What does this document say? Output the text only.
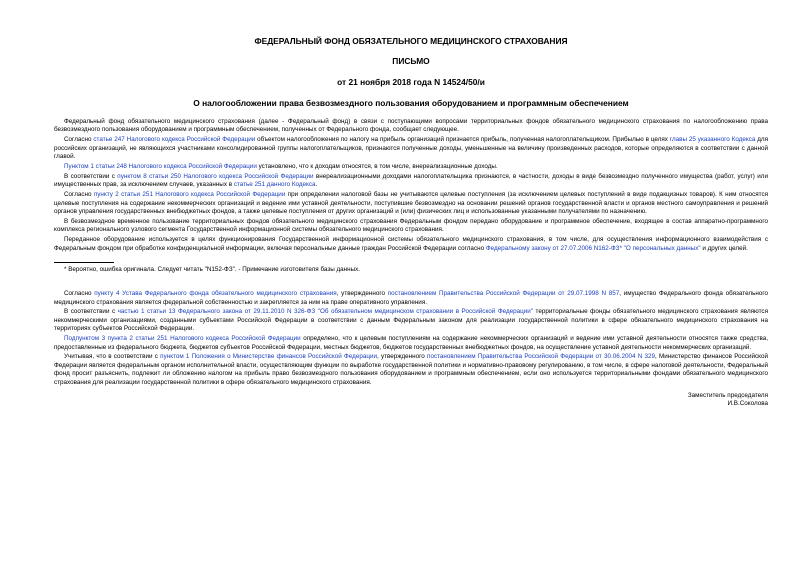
ФЕДЕРАЛЬНЫЙ ФОНД ОБЯЗАТЕЛЬНОГО МЕДИЦИНСКОГО СТРАХОВАНИЯ
ПИСЬМО
от 21 ноября 2018 года N 14524/50/и
О налогообложении права безвозмездного пользования оборудованием и программным обеспечением

Федеральный фонд обязательного медицинского страхования (далее - Федеральный фонд) в связи с поступающими вопросами территориальных фондов обязательного медицинского страхования по налогообложению права безвозмездного пользования оборудованием и программным обеспечением, полученных от Федерального фонда, сообщает следующее.

Согласно статье 247 Налогового кодекса Российской Федерации объектом налогообложения по налогу на прибыль организаций признается прибыль, полученная налогоплательщиком. Прибылью в целях главы 25 указанного Кодекса для российских организаций, не являющихся участниками консолидированной группы налогоплательщиков, признаются полученные доходы, уменьшенные на величину произведенных расходов, которые определяются в соответствии с данной главой.

Пунктом 1 статьи 248 Налогового кодекса Российской Федерации установлено, что к доходам относятся, в том числе, внереализационные доходы.

В соответствии с пунктом 8 статьи 250 Налогового кодекса Российской Федерации внереализационными доходами налогоплательщика признаются, в частности, доходы в виде безвозмездно полученного имущества (работ, услуг) или имущественных прав, за исключением случаев, указанных в статье 251 данного Кодекса.

Согласно пункту 2 статьи 251 Налогового кодекса Российской Федерации при определении налоговой базы не учитываются целевые поступления (за исключением целевых поступлений в виде подакцизных товаров). К ним относятся целевые поступления на содержание некоммерческих организаций и ведение ими уставной деятельности, поступившие безвозмездно на основании решений органов государственной власти и органов местного самоуправления и решений органов управления государственных внебюджетных фондов, а также целевые поступления от других организаций и (или) физических лиц и использованные указанными получателями по назначению.

В безвозмездное временное пользование территориальных фондов обязательного медицинского страхования Федеральным фондом передано оборудование и программное обеспечение, входящее в состав аппаратно-программного комплекса регионального узлового сегмента Государственной информационной системы обязательного медицинского страхования.

Переданное оборудование используется в целях функционирования Государственной информационной системы обязательного медицинского страхования, в том числе, для осуществления информационного взаимодействия с Федеральным фондом при обработке конфиденциальной информации, включая персональные данные граждан Российской Федерации согласно Федеральному закону от 27.07.2006 N162-ФЗ* "О персональных данных" и других целей.

* Вероятно, ошибка оригинала. Следует читать "N152-ФЗ". - Примечание изготовителя базы данных.

Согласно пункту 4 Устава Федерального фонда обязательного медицинского страхования, утвержденного постановлением Правительства Российской Федерации от 29.07.1998 N 857, имущество Федерального фонда обязательного медицинского страхования является федеральной собственностью и закрепляется за ним на праве оперативного управления.

В соответствии с частью 1 статьи 13 Федерального закона от 29.11.2010 N 326-ФЗ "Об обязательном медицинском страховании в Российской Федерации" территориальные фонды обязательного медицинского страхования являются некоммерческими организациями, созданными субъектами Российской Федерации в соответствии с данным Федеральным законом для реализации государственной политики в сфере обязательного медицинского страхования на территориях субъектов Российской Федерации.

Подпунктом 3 пункта 2 статьи 251 Налогового кодекса Российской Федерации определено, что к целевым поступлениям на содержание некоммерческих организаций и ведение ими уставной деятельности относятся также средства, предоставленные из федерального бюджета, бюджетов субъектов Российской Федерации, местных бюджетов, бюджетов государственных внебюджетных фондов, на осуществление уставной деятельности некоммерческих организаций.

Учитывая, что в соответствии с пунктом 1 Положения о Министерстве финансов Российской Федерации, утвержденного постановлением Правительства Российской Федерации от 30.06.2004 N 329, Министерство финансов Российской Федерации является федеральным органом исполнительной власти, осуществляющим функции по выработке государственной политики и нормативно-правовому регулированию, в том числе, в сфере налоговой деятельности, Федеральный фонд просит разъяснить, подлежит ли обложению налогом на прибыль право безвозмездного пользования оборудованием и программным обеспечением, если оно используется территориальными фондами обязательного медицинского страхования для реализации государственной политики в сфере обязательного медицинского страхования.

Заместитель председателя
И.В.Соколова
